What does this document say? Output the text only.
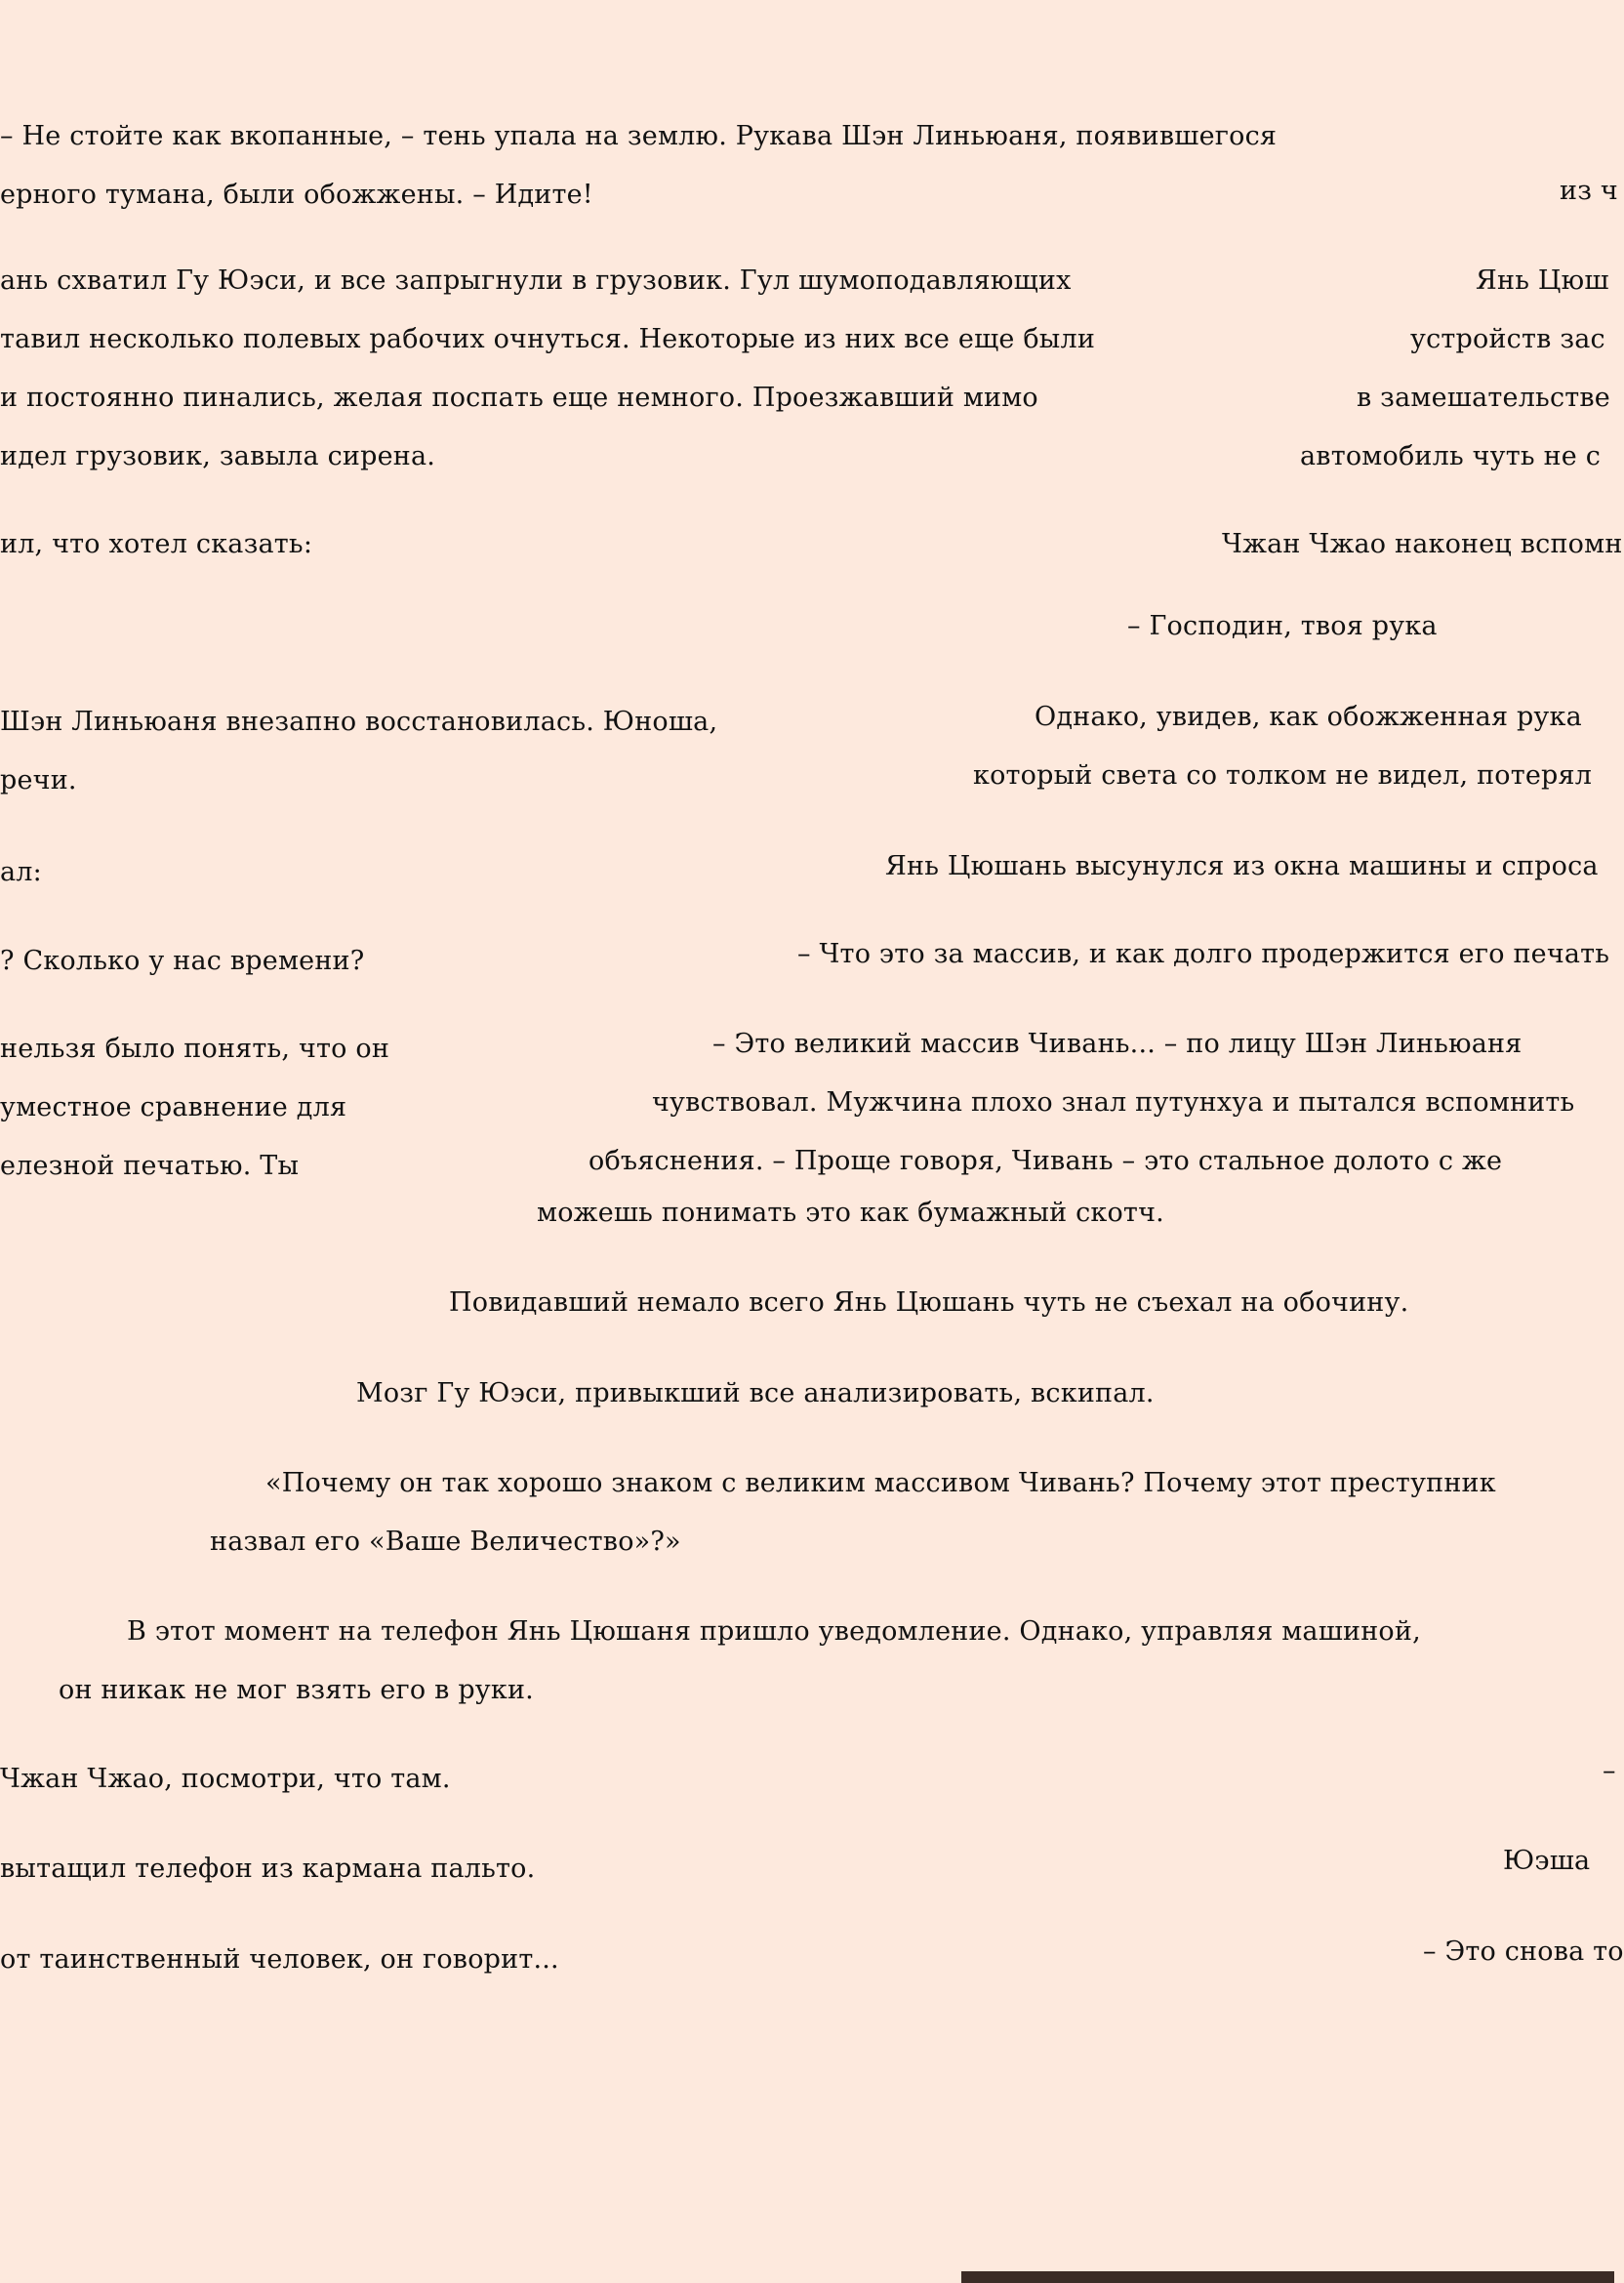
– Не стойте как вкопанные, – тень упала на землю. Рукава Шэн Линьюаня, появившегося
ерного тумана, были обожжены. – Идите!
ань схватил Гу Юэси, и все запрыгнули в грузовик. Гул шумоподавляющих
тавил несколько полевых рабочих очнуться. Некоторые из них все еще были
и постоянно пинались, желая поспать еще немного. Проезжавший мимо
идел грузовик, завыла сирена.
ил, что хотел сказать:
– Господин, твоя рука
Шэн Линьюаня внезапно восстановилась. Юноша,
речи.
ал:
? Сколько у нас времени?
нельзя было понять, что он
уместное сравнение для
елезной печатью. Ты
можешь понимать это как бумажный скотч.
Повидавший немало всего Янь Цюшань чуть не съехал на обочину.
Мозг Гу Юэси, привыкший все анализировать, вскипал.
«Почему он так хорошо знаком с великим массивом Чивань? Почему этот преступник
назвал его «Ваше Величество»?»
В этот момент на телефон Янь Цюшаня пришло уведомление. Однако, управляя машиной,
он никак не мог взять его в руки.
Чжан Чжао, посмотри, что там.
вытащил телефон из кармана пальто.
от таинственный человек, он говорит...
из ч
Янь Цюш
устройств зас
в замешательстве
автомобиль чуть не с
Чжан Чжао наконец вспомн
Однако, увидев, как обожженная рука
который света со толком не видел, потерял
Янь Цюшань высунулся из окна машины и спроса
– Что это за массив, и как долго продержится его печать
– Это великий массив Чивань... – по лицу Шэн Линьюаня
чувствовал. Мужчина плохо знал путунхуа и пытался вспомнить
объяснения. – Проще говоря, Чивань – это стальное долото с же
–
Юэша
– Это снова то
